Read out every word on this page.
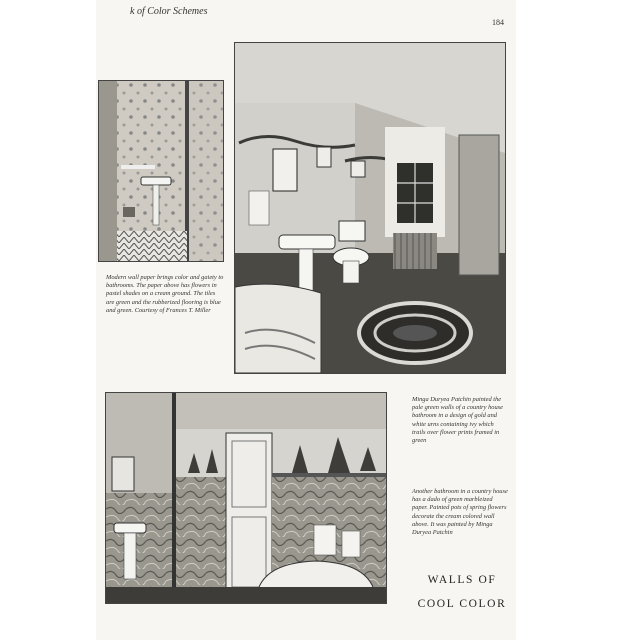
k of Color Schemes
184
Modern wall paper brings color and gaiety to bathrooms. The paper above has flowers in pastel shades on a cream ground. The tiles are green and the rubberized flooring is blue and green. Courtesy of Frances T. Miller
Minga Duryea Patchin painted the pale green walls of a country house bathroom in a design of gold and white urns containing ivy which trails over flower prints framed in green
Another bathroom in a country house has a dado of green marbleized paper. Painted pots of spring flowers decorate the cream colored wall above. It was painted by Minga Duryea Patchin
WALLS OF
COOL COLOR
